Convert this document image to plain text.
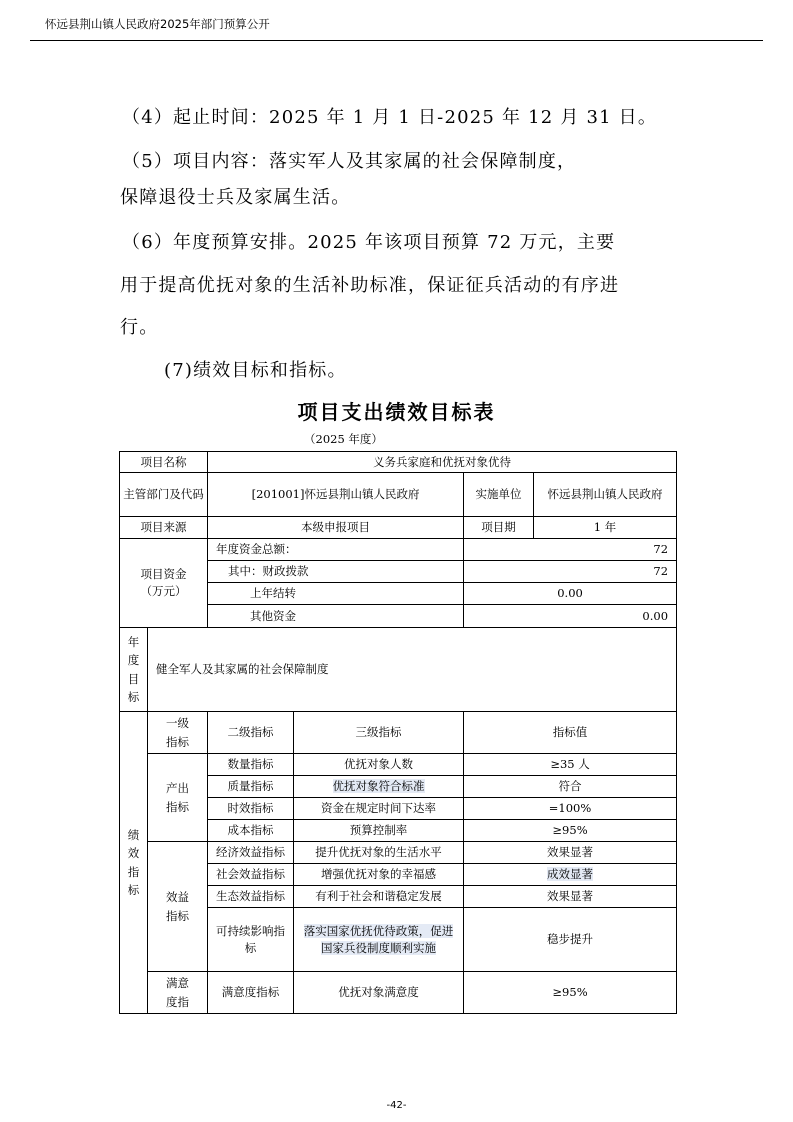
怀远县荆山镇人民政府2025年部门预算公开
（4）起止时间：2025 年 1 月 1 日-2025 年 12 月 31 日。
（5）项目内容：落实军人及其家属的社会保障制度，
保障退役士兵及家属生活。
（6）年度预算安排。2025 年该项目预算 72 万元，主要
用于提高优抚对象的生活补助标准，保证征兵活动的有序进
行。
(7)绩效目标和指标。
项目支出绩效目标表
（2025 年度）
项目名称		义务兵家庭和优抚对象优待			
主管部门及代码		[201001]怀远县荆山镇人民政府		实施单位	怀远县荆山镇人民政府
项目来源		本级申报项目		项目期	1 年
项目资金
（万元）		年度资金总额：		72	
		其中：财政拨款		72	
		上年结转		0.00	
		其他资金		0.00	
年度目标	健全军人及其家属的社会保障制度				
绩效指标	一级指标	二级指标	三级指标	指标值	
	产出指标	数量指标	优抚对象人数	≥35 人	
		质量指标	优抚对象符合标准	符合	
		时效指标	资金在规定时间下达率	=100%	
		成本指标	预算控制率	≥95%	
	效益指标	经济效益指标	提升优抚对象的生活水平	效果显著	
		社会效益指标	增强优抚对象的幸福感	成效显著	
		生态效益指标	有利于社会和谐稳定发展	效果显著	
		可持续影响指标	落实国家优抚优待政策，促进国家兵役制度顺利实施	稳步提升	
	满意度指	满意度指标	优抚对象满意度	≥95%	
-42-
